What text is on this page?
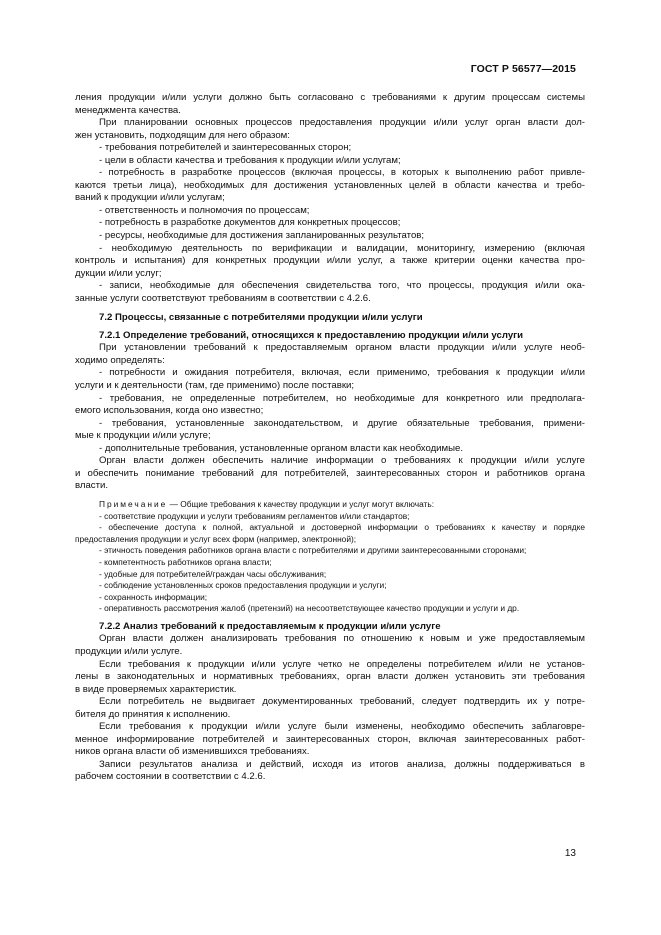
ГОСТ Р 56577—2015
ления продукции и/или услуги должно быть согласовано с требованиями к другим процессам системы
менеджмента качества.
При планировании основных процессов предоставления продукции и/или услуг орган власти дол-
жен установить, подходящим для него образом:
- требования потребителей и заинтересованных сторон;
- цели в области качества и требования к продукции и/или услугам;
- потребность в разработке процессов (включая процессы, в которых к выполнению работ привле-
каются третьи лица), необходимых для достижения установленных целей в области качества и требо-
ваний к продукции и/или услугам;
- ответственность и полномочия по процессам;
- потребность в разработке документов для конкретных процессов;
- ресурсы, необходимые для достижения запланированных результатов;
- необходимую деятельность по верификации и валидации, мониторингу, измерению (включая
контроль и испытания) для конкретных продукции и/или услуг, а также критерии оценки качества про-
дукции и/или услуг;
- записи, необходимые для обеспечения свидетельства того, что процессы, продукция и/или ока-
занные услуги соответствуют требованиям в соответствии с 4.2.6.
7.2 Процессы, связанные с потребителями продукции и/или услуги
7.2.1 Определение требований, относящихся к предоставлению продукции и/или услуги
При установлении требований к предоставляемым органом власти продукции и/или услуге необ-
ходимо определять:
- потребности и ожидания потребителя, включая, если применимо, требования к продукции и/или
услуги и к деятельности (там, где применимо) после поставки;
- требования, не определенные потребителем, но необходимые для конкретного или предполага-
емого использования, когда оно известно;
- требования, установленные законодательством, и другие обязательные требования, примени-
мые к продукции и/или услуге;
- дополнительные требования, установленные органом власти как необходимые.
Орган власти должен обеспечить наличие информации о требованиях к продукции и/или услуге
и обеспечить понимание требований для потребителей, заинтересованных сторон и работников органа
власти.
Примечание — Общие требования к качеству продукции и услуг могут включать:
- соответствие продукции и услуги требованиям регламентов и/или стандартов;
- обеспечение доступа к полной, актуальной и достоверной информации о требованиях к качеству и порядке
предоставления продукции и услуг всех форм (например, электронной);
- этичность поведения работников органа власти с потребителями и другими заинтересованными сторонами;
- компетентность работников органа власти;
- удобные для потребителей/граждан часы обслуживания;
- соблюдение установленных сроков предоставления продукции и услуги;
- сохранность информации;
- оперативность рассмотрения жалоб (претензий) на несоответствующее качество продукции и услуги и др.
7.2.2 Анализ требований к предоставляемым к продукции и/или услуге
Орган власти должен анализировать требования по отношению к новым и уже предоставляемым
продукции и/или услуге.
Если требования к продукции и/или услуге четко не определены потребителем и/или не установ-
лены в законодательных и нормативных требованиях, орган власти должен установить эти требования
в виде проверяемых характеристик.
Если потребитель не выдвигает документированных требований, следует подтвердить их у потре-
бителя до принятия к исполнению.
Если требования к продукции и/или услуге были изменены, необходимо обеспечить заблаговре-
менное информирование потребителей и заинтересованных сторон, включая заинтересованных работ-
ников органа власти об изменившихся требованиях.
Записи результатов анализа и действий, исходя из итогов анализа, должны поддерживаться в
рабочем состоянии в соответствии с 4.2.6.
13
